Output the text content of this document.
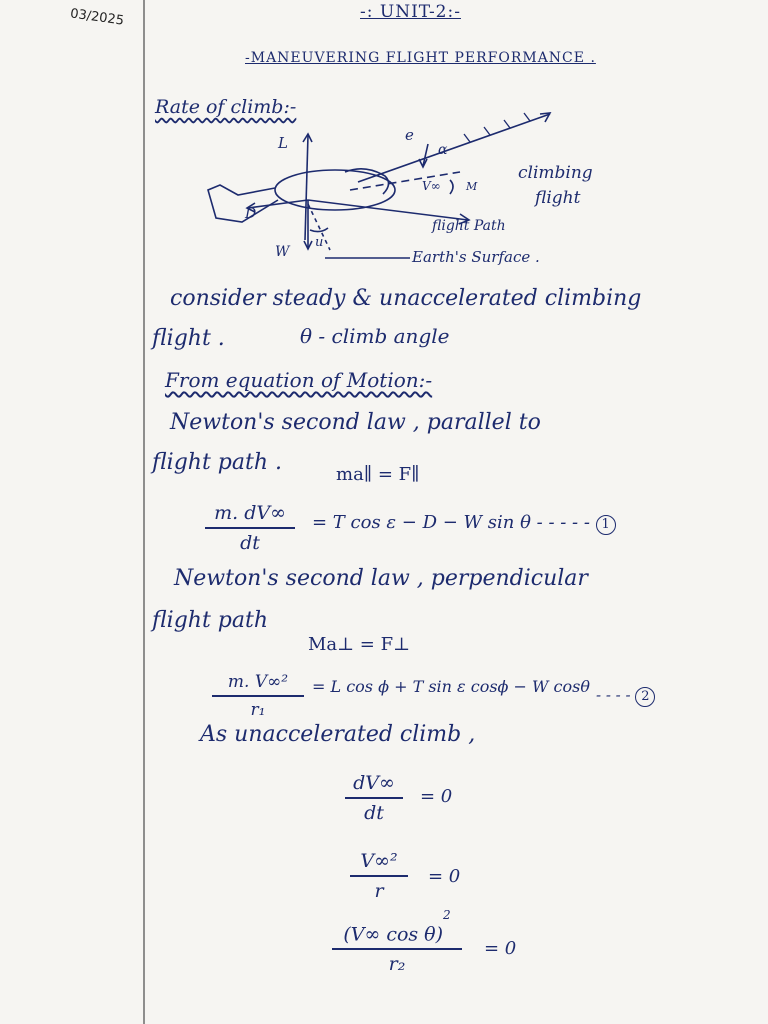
03/2025	-: UNIT-2:-
-MANEUVERING FLIGHT PERFORMANCE .
Rate of climb:-
L
D
W
u
e
α
V∞ M
climbing
flight
flight Path
Earth's Surface .
consider steady & unaccelerated climbing
flight .	θ - climb angle
From equation of Motion:-
Newton's second law , parallel to
flight path .	ma∥ = F∥
m. dV∞
dt
= T cos ε − D − W sin θ - - - - - 1
Newton's second law , perpendicular
flight path
Ma⊥ = F⊥
m. V∞²
r₁
= L cos ϕ + T sin ε cosϕ − W cosθ - - - - 2
As unaccelerated climb ,
dV∞
dt
= 0
V∞²
r
= 0
(V∞ cos θ)$^2$
r₂
= 0
